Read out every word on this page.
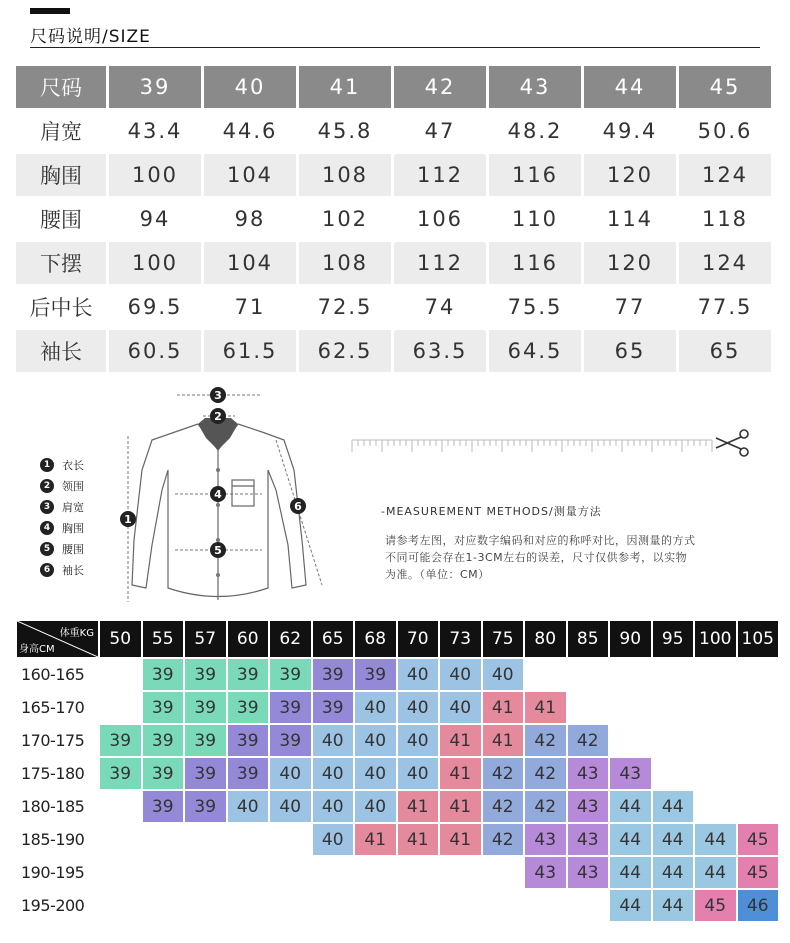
尺码说明/SIZE
尺码	39	40	41	42	43	44	45
肩宽	43.4	44.6	45.8	47	48.2	49.4	50.6
胸围	100	104	108	112	116	120	124
腰围	94	98	102	106	110	114	118
下摆	100	104	108	112	116	120	124
后中长	69.5	71	72.5	74	75.5	77	77.5
袖长	60.5	61.5	62.5	63.5	64.5	65	65
1
2
3
4
5
6
1	衣长
2	领围
3	肩宽
4	胸围
5	腰围
6	袖长
-MEASUREMENT METHODS/测量方法
请参考左图，对应数字编码和对应的称呼对比，因测量的方式
不同可能会存在1-3CM左右的误差，尺寸仅供参考，以实物
为准。（单位：CM）
体重KG
身高CM	50	55	57	60	62	65	68	70	73	75	80	85	90	95	100	105
160-165		39	39	39	39	39	39	40	40	40						
165-170		39	39	39	39	39	40	40	40	41	41					
170-175	39	39	39	39	39	40	40	40	41	41	42	42				
175-180	39	39	39	39	40	40	40	40	41	42	42	43	43			
180-185		39	39	40	40	40	40	41	41	42	42	43	44	44		
185-190						40	41	41	41	42	43	43	44	44	44	45
190-195											43	43	44	44	44	45
195-200													44	44	45	46
